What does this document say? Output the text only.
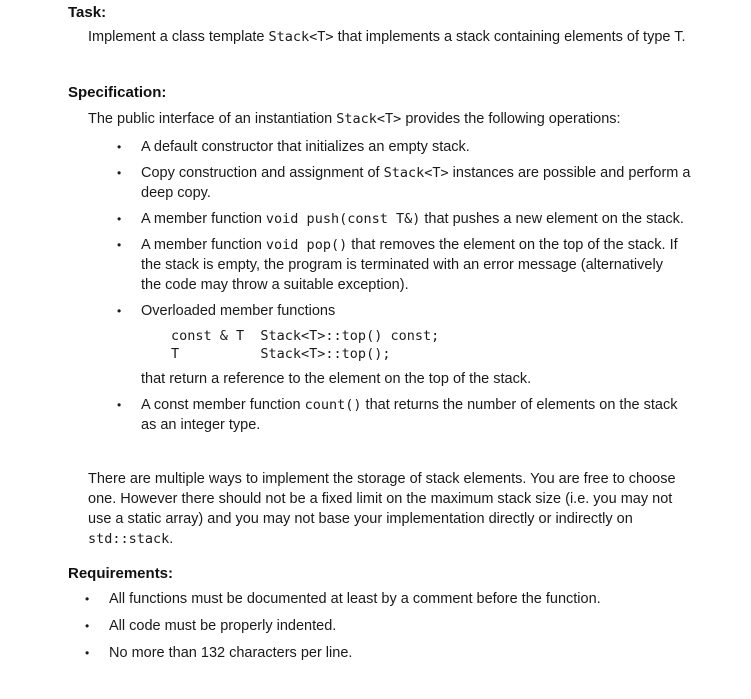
Task:

Implement a class template Stack<T> that implements a stack containing elements of type T.

Specification:

The public interface of an instantiation Stack<T> provides the following operations:

•	A default constructor that initializes an empty stack.
•	Copy construction and assignment of Stack<T> instances are possible and perform a deep copy.
•	A member function void push(const T&) that pushes a new element on the stack.
•	A member function void pop() that removes the element on the top of the stack. If the stack is empty, the program is terminated with an error message (alternatively the code may throw a suitable exception).
•	Overloaded member functions
const & T  Stack<T>::top() const;
T          Stack<T>::top();
that return a reference to the element on the top of the stack.
•	A const member function count() that returns the number of elements on the stack as an integer type.

There are multiple ways to implement the storage of stack elements. You are free to choose one. However there should not be a fixed limit on the maximum stack size (i.e. you may not use a static array) and you may not base your implementation directly or indirectly on std::stack.

Requirements:
•	All functions must be documented at least by a comment before the function.
•	All code must be properly indented.
•	No more than 132 characters per line.
